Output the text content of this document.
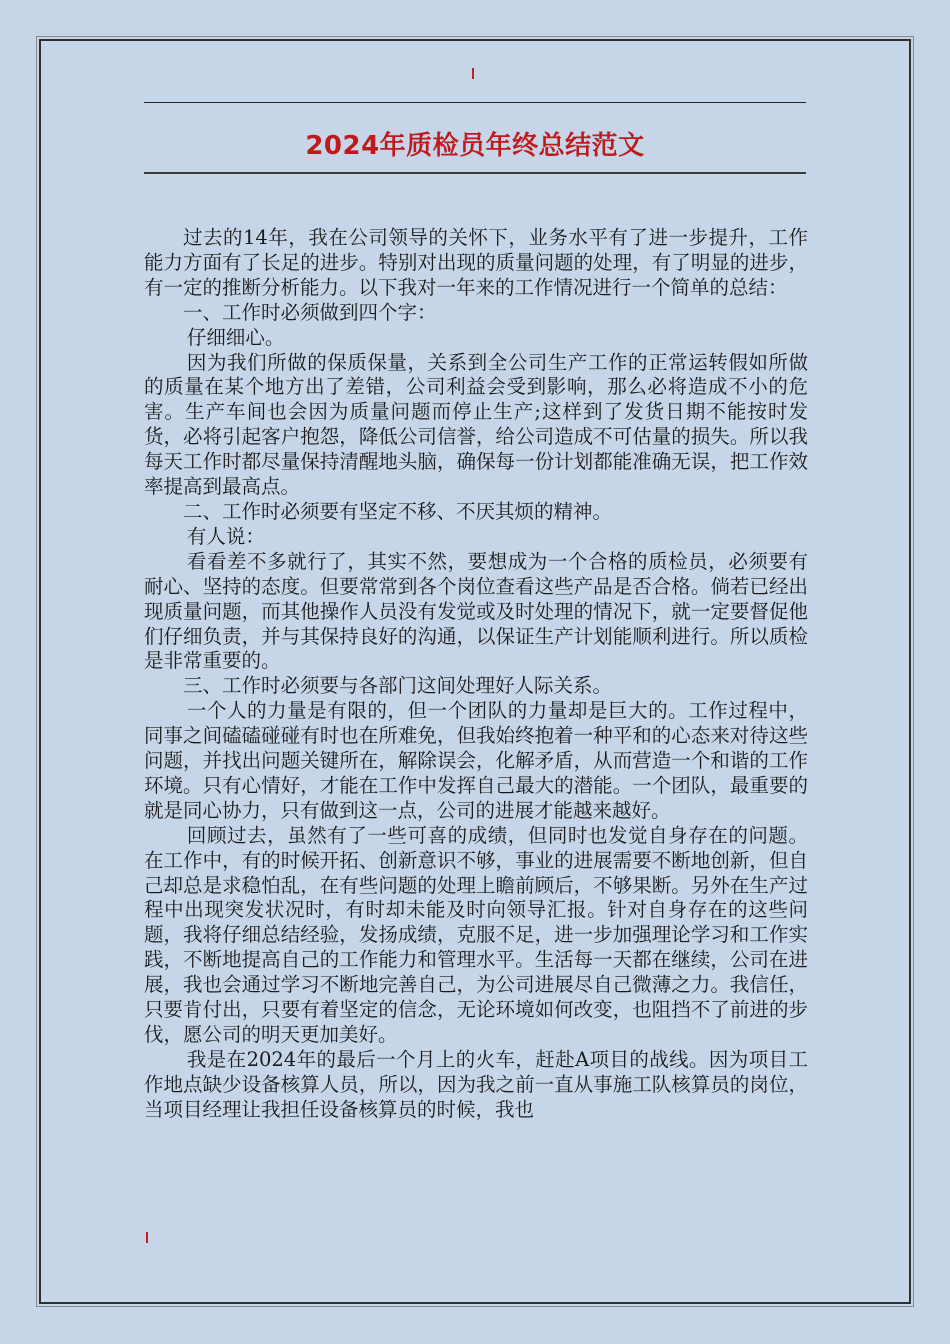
2024年质检员年终总结范文

过去的14年，我在公司领导的关怀下，业务水平有了进一步提升，工作能力方面有了长足的进步。特别对出现的质量问题的处理，有了明显的进步，有一定的推断分析能力。以下我对一年来的工作情况进行一个简单的总结：

一、工作时必须做到四个字：

仔细细心。

因为我们所做的保质保量，关系到全公司生产工作的正常运转假如所做的质量在某个地方出了差错，公司利益会受到影响，那么必将造成不小的危害。生产车间也会因为质量问题而停止生产;这样到了发货日期不能按时发货，必将引起客户抱怨，降低公司信誉，给公司造成不可估量的损失。所以我每天工作时都尽量保持清醒地头脑，确保每一份计划都能准确无误，把工作效率提高到最高点。

二、工作时必须要有坚定不移、不厌其烦的精神。

有人说：

看看差不多就行了，其实不然，要想成为一个合格的质检员，必须要有耐心、坚持的态度。但要常常到各个岗位查看这些产品是否合格。倘若已经出现质量问题，而其他操作人员没有发觉或及时处理的情况下，就一定要督促他们仔细负责，并与其保持良好的沟通，以保证生产计划能顺利进行。所以质检是非常重要的。

三、工作时必须要与各部门这间处理好人际关系。

一个人的力量是有限的，但一个团队的力量却是巨大的。工作过程中，同事之间磕磕碰碰有时也在所难免，但我始终抱着一种平和的心态来对待这些问题，并找出问题关键所在，解除误会，化解矛盾，从而营造一个和谐的工作环境。只有心情好，才能在工作中发挥自己最大的潜能。一个团队，最重要的就是同心协力，只有做到这一点，公司的进展才能越来越好。

回顾过去，虽然有了一些可喜的成绩，但同时也发觉自身存在的问题。在工作中，有的时候开拓、创新意识不够，事业的进展需要不断地创新，但自己却总是求稳怕乱，在有些问题的处理上瞻前顾后，不够果断。另外在生产过程中出现突发状况时，有时却未能及时向领导汇报。针对自身存在的这些问题，我将仔细总结经验，发扬成绩，克服不足，进一步加强理论学习和工作实践，不断地提高自己的工作能力和管理水平。生活每一天都在继续，公司在进展，我也会通过学习不断地完善自己，为公司进展尽自己微薄之力。我信任，只要肯付出，只要有着坚定的信念，无论环境如何改变，也阻挡不了前进的步伐，愿公司的明天更加美好。

我是在2024年的最后一个月上的火车，赶赴A项目的战线。因为项目工作地点缺少设备核算人员，所以，因为我之前一直从事施工队核算员的岗位，当项目经理让我担任设备核算员的时候，我也
